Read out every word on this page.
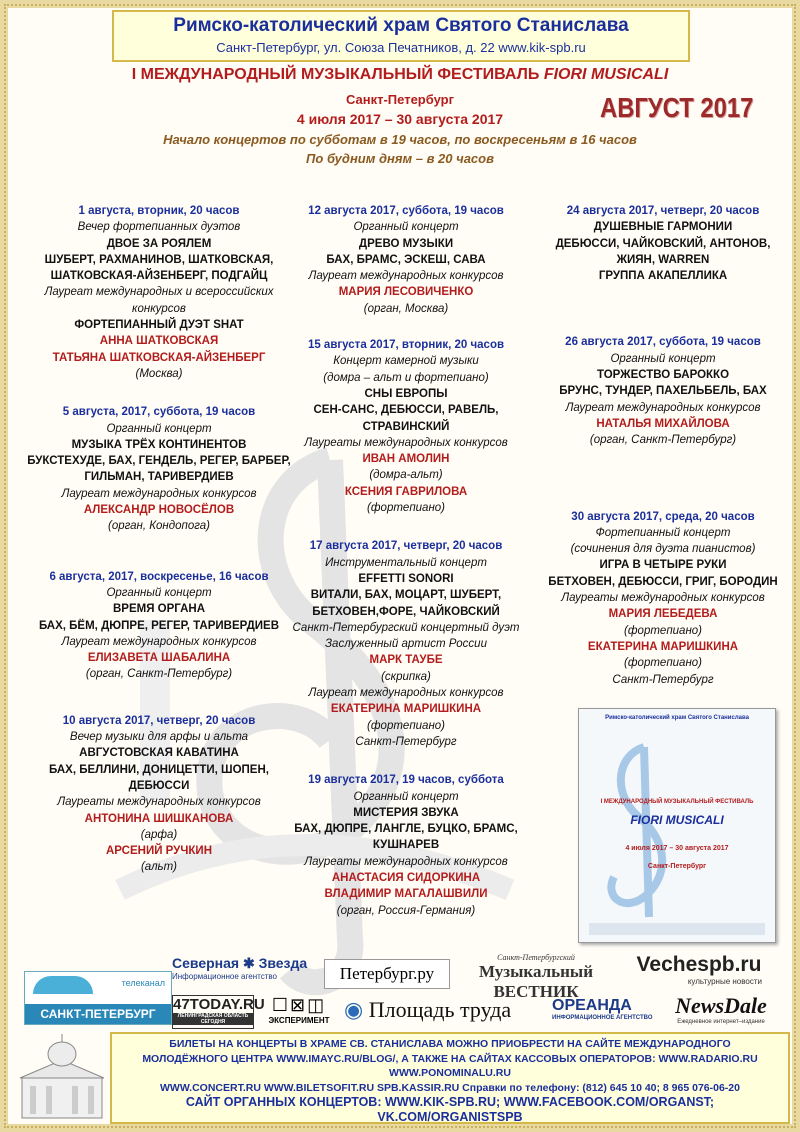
Римско-католический храм Святого Станислава
Санкт-Петербург, ул. Союза Печатников, д. 22 www.kik-spb.ru
I МЕЖДУНАРОДНЫЙ МУЗЫКАЛЬНЫЙ ФЕСТИВАЛЬ FIORI MUSICALI
Санкт-Петербург
4 июля 2017 – 30 августа 2017
Начало концертов по субботам в 19 часов, по воскресеньям в 16 часов
По будним дням – в 20 часов
АВГУСТ 2017
1 августа, вторник, 20 часов
Вечер фортепианных дуэтов
ДВОЕ ЗА РОЯЛЕМ
ШУБЕРТ, РАХМАНИНОВ, ШАТКОВСКАЯ, ШАТКОВСКАЯ-АЙЗЕНБЕРГ, ПОДГАЙЦ
Лауреат международных и всероссийских конкурсов
ФОРТЕПИАННЫЙ ДУЭТ SHAT
АННА ШАТКОВСКАЯ
ТАТЬЯНА ШАТКОВСКАЯ-АЙЗЕНБЕРГ
(Москва)
5 августа, 2017, суббота, 19 часов
Органный концерт
МУЗЫКА ТРЁХ КОНТИНЕНТОВ
БУКСТЕХУДЕ, БАХ, ГЕНДЕЛЬ, РЕГЕР, БАРБЕР, ГИЛЬМАН, ТАРИВЕРДИЕВ
Лауреат международных конкурсов
АЛЕКСАНДР НОВОСЁЛОВ
(орган, Кондопога)
6 августа, 2017, воскресенье, 16 часов
Органный концерт
ВРЕМЯ ОРГАНА
БАХ, БЁМ, ДЮПРЕ, РЕГЕР, ТАРИВЕРДИЕВ
Лауреат международных конкурсов
ЕЛИЗАВЕТА ШАБАЛИНА
(орган, Санкт-Петербург)
10 августа 2017, четверг, 20 часов
Вечер музыки для арфы и альта
АВГУСТОВСКАЯ КАВАТИНА
БАХ, БЕЛЛИНИ, ДОНИЦЕТТИ, ШОПЕН, ДЕБЮССИ
Лауреаты международных конкурсов
АНТОНИНА ШИШКАНОВА
(арфа)
АРСЕНИЙ РУЧКИН
(альт)
12 августа 2017, суббота, 19 часов
Органный концерт
ДРЕВО МУЗЫКИ
БАХ, БРАМС, ЭСКЕШ, САВА
Лауреат международных конкурсов
МАРИЯ ЛЕСОВИЧЕНКО
(орган, Москва)
15 августа 2017, вторник, 20 часов
Концерт камерной музыки
(домра – альт и фортепиано)
СНЫ ЕВРОПЫ
СЕН-САНС, ДЕБЮССИ, РАВЕЛЬ, СТРАВИНСКИЙ
Лауреаты международных конкурсов
ИВАН АМОЛИН
(домра-альт)
КСЕНИЯ ГАВРИЛОВА
(фортепиано)
17 августа 2017, четверг, 20 часов
Инструментальный концерт
EFFETTI SONORI
ВИТАЛИ, БАХ, МОЦАРТ, ШУБЕРТ, БЕТХОВЕН,ФОРЕ, ЧАЙКОВСКИЙ
Санкт-Петербургский концертный дуэт
Заслуженный артист России
МАРК ТАУБЕ
(скрипка)
Лауреат международных конкурсов
ЕКАТЕРИНА МАРИШКИНА
(фортепиано)
Санкт-Петербург
19 августа 2017, 19 часов, суббота
Органный концерт
МИСТЕРИЯ ЗВУКА
БАХ, ДЮПРЕ, ЛАНГЛЕ, БУЦКО, БРАМС, КУШНАРЕВ
Лауреаты международных конкурсов
АНАСТАСИЯ СИДОРКИНА
ВЛАДИМИР МАГАЛАШВИЛИ
(орган, Россия-Германия)
24 августа 2017, четверг, 20 часов
ДУШЕВНЫЕ ГАРМОНИИ
ДЕБЮССИ, ЧАЙКОВСКИЙ, АНТОНОВ, ЖИЯН, WARREN
ГРУППА АКАПЕЛЛИКА
26 августа 2017, суббота, 19 часов
Органный концерт
ТОРЖЕСТВО БАРОККО
БРУНС, ТУНДЕР, ПАХЕЛЬБЕЛЬ, БАХ
Лауреат международных конкурсов
НАТАЛЬЯ МИХАЙЛОВА
(орган, Санкт-Петербург)
30 августа 2017, среда, 20 часов
Фортепианный концерт
(сочинения для дуэта пианистов)
ИГРА В ЧЕТЫРЕ РУКИ
БЕТХОВЕН, ДЕБЮССИ, ГРИГ, БОРОДИН
Лауреаты международных конкурсов
МАРИЯ ЛЕБЕДЕВА
(фортепиано)
ЕКАТЕРИНА МАРИШКИНА
(фортепиано)
Санкт-Петербург
Римско-католический храм Святого Станислава
I МЕЖДУНАРОДНЫЙ МУЗЫКАЛЬНЫЙ ФЕСТИВАЛЬ
FIORI MUSICALI
4 июля 2017 – 30 августа 2017
Санкт-Петербург
телеканал
САНКТ-ПЕТЕРБУРГ
Северная ✱ Звезда
Информационное агентство	Петербург.ру
Санкт-Петербургский
Музыкальный ВЕСТНИК
Vechespb.ru
культурные новости
47TODAY.RU
ЛЕНИНГРАДСКАЯ ОБЛАСТЬ СЕГОДНЯ
☐⊠◫
ЭКСПЕРИМЕНТ ◉ Площадь труда	ОРЕАНДА
ИНФОРМАЦИОННОЕ АГЕНТСТВО	NewsDale
Ежедневное интернет–издание
БИЛЕТЫ НА КОНЦЕРТЫ В ХРАМЕ СВ. СТАНИСЛАВА МОЖНО ПРИОБРЕСТИ НА САЙТЕ МЕЖДУНАРОДНОГО
МОЛОДЁЖНОГО ЦЕНТРА WWW.IMAYC.RU/BLOG/, А ТАКЖЕ НА САЙТАХ КАССОВЫХ ОПЕРАТОРОВ: WWW.RADARIO.RU WWW.PONOMINALU.RU
WWW.CONCERT.RU WWW.BILETSOFIT.RU SPB.KASSIR.RU Справки по телефону: (812) 645 10 40; 8 965 076-06-20
САЙТ ОРГАННЫХ КОНЦЕРТОВ: WWW.KIK-SPB.RU; WWW.FACEBOOK.COM/ORGANST; VK.COM/ORGANISTSPB
